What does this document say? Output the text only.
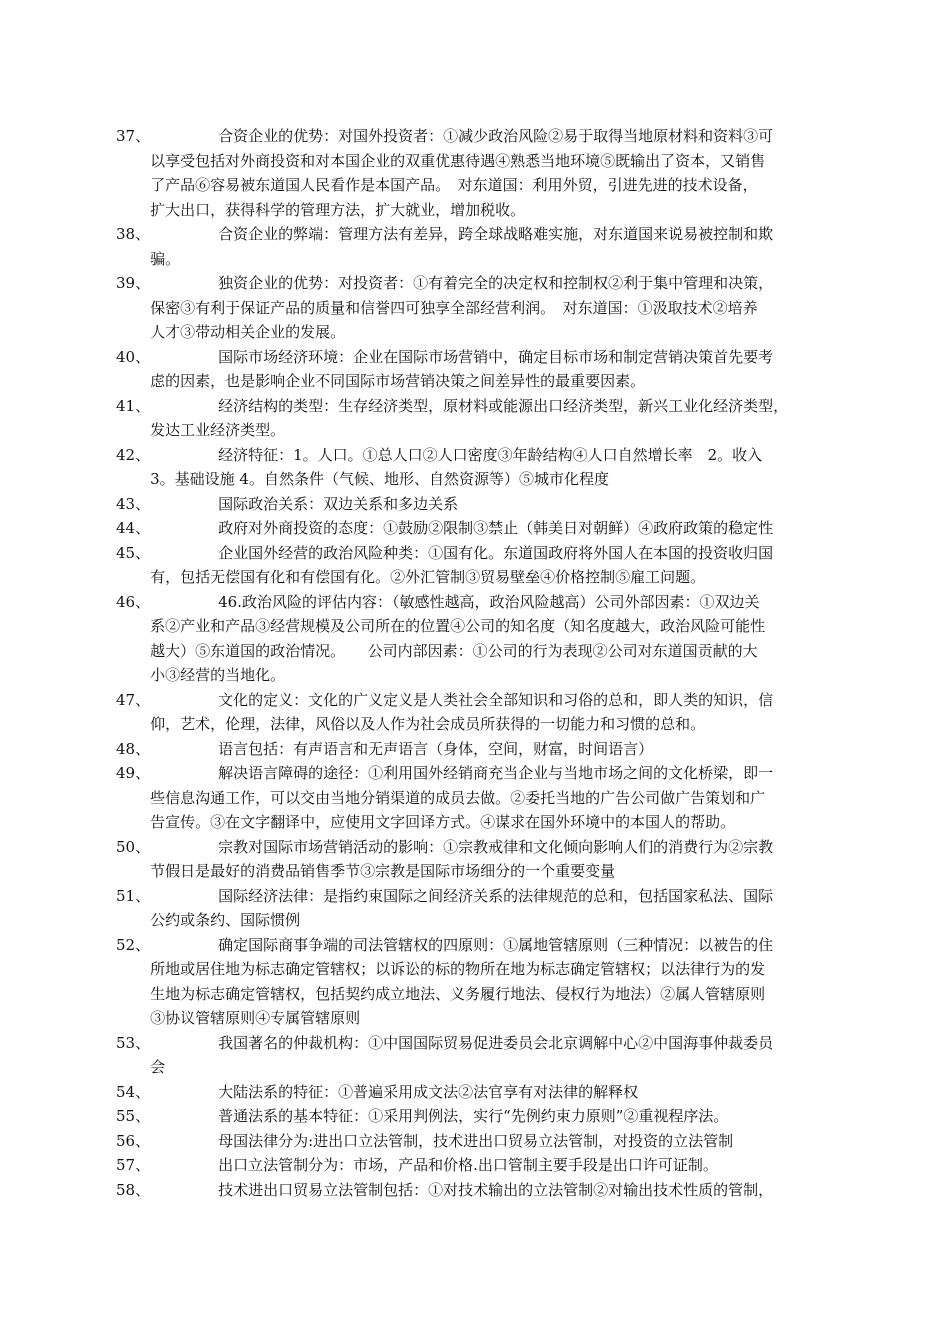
37、	合资企业的优势：对国外投资者：①减少政治风险②易于取得当地原材料和资料③可
以享受包括对外商投资和对本国企业的双重优惠待遇④熟悉当地环境⑤既输出了资本，又销售
了产品⑥容易被东道国人民看作是本国产品。　对东道国：利用外贸，引进先进的技术设备，
扩大出口，获得科学的管理方法，扩大就业，增加税收。
38、	合资企业的弊端：管理方法有差异，跨全球战略难实施，对东道国来说易被控制和欺
骗。
39、	独资企业的优势：对投资者：①有着完全的决定权和控制权②利于集中管理和决策，
保密③有利于保证产品的质量和信誉四可独享全部经营利润。　对东道国：①汲取技术②培养
人才③带动相关企业的发展。
40、	国际市场经济环境：企业在国际市场营销中，确定目标市场和制定营销决策首先要考
虑的因素，也是影响企业不同国际市场营销决策之间差异性的最重要因素。
41、	经济结构的类型：生存经济类型，原材料或能源出口经济类型，新兴工业化经济类型，
发达工业经济类型。
42、	经济特征：1。人口。①总人口②人口密度③年龄结构④人口自然增长率　2。收入
3。基础设施 4。自然条件（气候、地形、自然资源等）⑤城市化程度
43、	国际政治关系：双边关系和多边关系
44、	政府对外商投资的态度：①鼓励②限制③禁止（韩美日对朝鲜）④政府政策的稳定性
45、	企业国外经营的政治风险种类：①国有化。东道国政府将外国人在本国的投资收归国
有，包括无偿国有化和有偿国有化。②外汇管制③贸易壁垒④价格控制⑤雇工问题。
46、	46.政治风险的评估内容：（敏感性越高，政治风险越高）公司外部因素：①双边关
系②产业和产品③经营规模及公司所在的位置④公司的知名度（知名度越大，政治风险可能性
越大）⑤东道国的政治情况。　　公司内部因素：①公司的行为表现②公司对东道国贡献的大
小③经营的当地化。
47、	文化的定义：文化的广义定义是人类社会全部知识和习俗的总和，即人类的知识，信
仰，艺术，伦理，法律，风俗以及人作为社会成员所获得的一切能力和习惯的总和。
48、	语言包括：有声语言和无声语言（身体，空间，财富，时间语言）
49、	解决语言障碍的途径：①利用国外经销商充当企业与当地市场之间的文化桥梁，即一
些信息沟通工作，可以交由当地分销渠道的成员去做。②委托当地的广告公司做广告策划和广
告宣传。③在文字翻译中，应使用文字回译方式。④谋求在国外环境中的本国人的帮助。
50、	宗教对国际市场营销活动的影响：①宗教戒律和文化倾向影响人们的消费行为②宗教
节假日是最好的消费品销售季节③宗教是国际市场细分的一个重要变量
51、	国际经济法律：是指约束国际之间经济关系的法律规范的总和，包括国家私法、国际
公约或条约、国际惯例
52、	确定国际商事争端的司法管辖权的四原则：①属地管辖原则（三种情况：以被告的住
所地或居住地为标志确定管辖权；以诉讼的标的物所在地为标志确定管辖权；以法律行为的发
生地为标志确定管辖权，包括契约成立地法、义务履行地法、侵权行为地法）②属人管辖原则
③协议管辖原则④专属管辖原则
53、	我国著名的仲裁机构：①中国国际贸易促进委员会北京调解中心②中国海事仲裁委员
会
54、	大陆法系的特征：①普遍采用成文法②法官享有对法律的解释权
55、	普通法系的基本特征：①采用判例法，实行“先例约束力原则”②重视程序法。
56、	母国法律分为:进出口立法管制，技术进出口贸易立法管制，对投资的立法管制
57、	出口立法管制分为：市场，产品和价格.出口管制主要手段是出口许可证制。
58、	技术进出口贸易立法管制包括：①对技术输出的立法管制②对输出技术性质的管制，
